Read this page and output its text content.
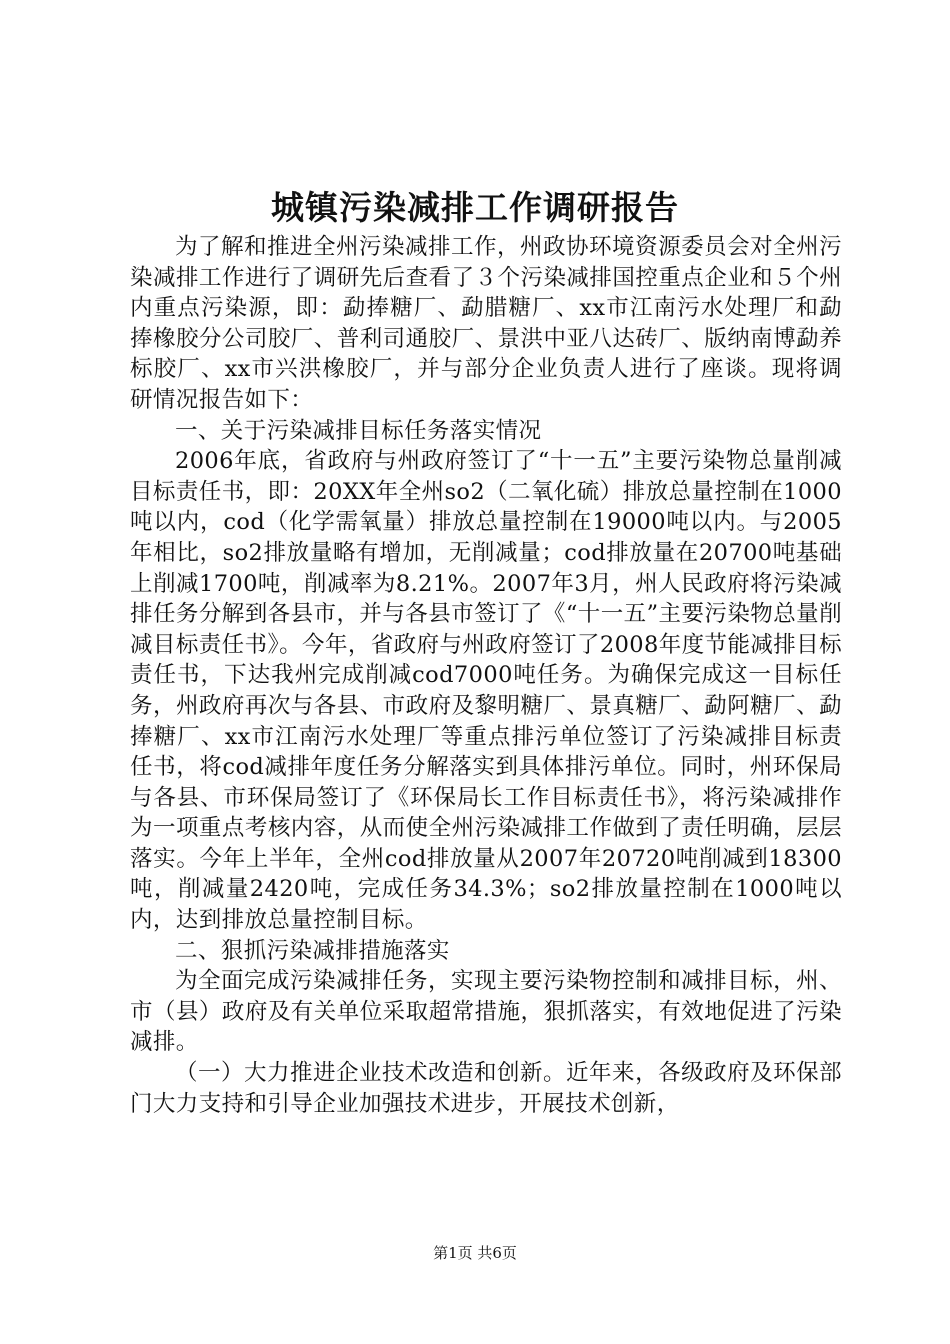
城镇污染减排工作调研报告

为了解和推进全州污染减排工作，州政协环境资源委员会对全州污染减排工作进行了调研先后查看了３个污染减排国控重点企业和５个州内重点污染源，即：勐捧糖厂、勐腊糖厂、xx市江南污水处理厂和勐捧橡胶分公司胶厂、普利司通胶厂、景洪中亚八达砖厂、版纳南博勐养标胶厂、xx市兴洪橡胶厂，并与部分企业负责人进行了座谈。现将调研情况报告如下：

一、关于污染减排目标任务落实情况

2006年底，省政府与州政府签订了“十一五”主要污染物总量削减目标责任书，即：20XX年全州so2（二氧化硫）排放总量控制在1000吨以内，cod（化学需氧量）排放总量控制在19000吨以内。与2005年相比，so2排放量略有增加，无削减量；cod排放量在20700吨基础上削减1700吨，削减率为8.21%。2007年3月，州人民政府将污染减排任务分解到各县市，并与各县市签订了《“十一五”主要污染物总量削减目标责任书》。今年，省政府与州政府签订了2008年度节能减排目标责任书，下达我州完成削减cod7000吨任务。为确保完成这一目标任务，州政府再次与各县、市政府及黎明糖厂、景真糖厂、勐阿糖厂、勐捧糖厂、xx市江南污水处理厂等重点排污单位签订了污染减排目标责任书，将cod减排年度任务分解落实到具体排污单位。同时，州环保局与各县、市环保局签订了《环保局长工作目标责任书》，将污染减排作为一项重点考核内容，从而使全州污染减排工作做到了责任明确，层层落实。今年上半年，全州cod排放量从2007年20720吨削减到18300吨，削减量2420吨，完成任务34.3%；so2排放量控制在1000吨以内，达到排放总量控制目标。

二、狠抓污染减排措施落实

为全面完成污染减排任务，实现主要污染物控制和减排目标，州、市（县）政府及有关单位采取超常措施，狠抓落实，有效地促进了污染减排。

（一）大力推进企业技术改造和创新。近年来，各级政府及环保部门大力支持和引导企业加强技术进步，开展技术创新，

第1页 共6页
